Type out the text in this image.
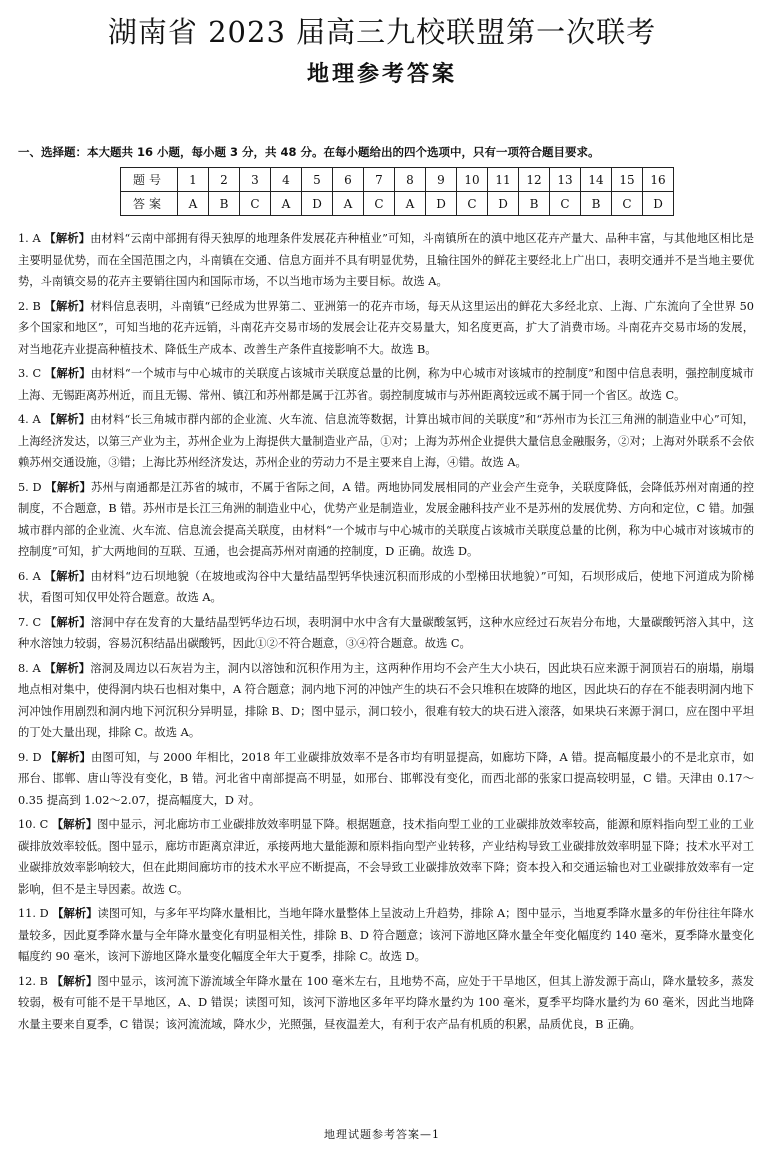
湖南省 2023 届高三九校联盟第一次联考
地理参考答案
一、选择题：本大题共 16 小题，每小题 3 分，共 48 分。在每小题给出的四个选项中，只有一项符合题目要求。
题号	1	2	3	4	5	6	7	8	9	10	11	12	13	14	15	16
答案	A	B	C	A	D	A	C	A	D	C	D	B	C	B	C	D

1. A 【解析】由材料“云南中部拥有得天独厚的地理条件发展花卉种植业”可知，斗南镇所在的滇中地区花卉产量大、品种丰富，与其他地区相比是主要明显优势，而在全国范围之内，斗南镇在交通、信息方面并不具有明显优势，且输往国外的鲜花主要经北上广出口，表明交通并不是当地主要优势，斗南镇交易的花卉主要销往国内和国际市场，不以当地市场为主要目标。故选 A。

2. B 【解析】材料信息表明，斗南镇“已经成为世界第二、亚洲第一的花卉市场，每天从这里运出的鲜花大多经北京、上海、广东流向了全世界 50 多个国家和地区”，可知当地的花卉远销，斗南花卉交易市场的发展会让花卉交易量大，知名度更高，扩大了消费市场。斗南花卉交易市场的发展，对当地花卉业提高种植技术、降低生产成本、改善生产条件直接影响不大。故选 B。

3. C 【解析】由材料“一个城市与中心城市的关联度占该城市关联度总量的比例，称为中心城市对该城市的控制度”和图中信息表明，强控制度城市上海、无锡距离苏州近，而且无锡、常州、镇江和苏州都是属于江苏省。弱控制度城市与苏州距离较远或不属于同一个省区。故选 C。

4. A 【解析】由材料“长三角城市群内部的企业流、火车流、信息流等数据，计算出城市间的关联度”和“苏州市为长江三角洲的制造业中心”可知，上海经济发达，以第三产业为主，苏州企业为上海提供大量制造业产品，①对；上海为苏州企业提供大量信息金融服务，②对；上海对外联系不会依赖苏州交通设施，③错；上海比苏州经济发达，苏州企业的劳动力不是主要来自上海，④错。故选 A。

5. D 【解析】苏州与南通都是江苏省的城市，不属于省际之间，A 错。两地协同发展相同的产业会产生竞争，关联度降低，会降低苏州对南通的控制度，不合题意，B 错。苏州市是长江三角洲的制造业中心，优势产业是制造业，发展金融科技产业不是苏州的发展优势、方向和定位，C 错。加强城市群内部的企业流、火车流、信息流会提高关联度，由材料“一个城市与中心城市的关联度占该城市关联度总量的比例，称为中心城市对该城市的控制度”可知，扩大两地间的互联、互通，也会提高苏州对南通的控制度，D 正确。故选 D。

6. A 【解析】由材料“边石坝地貌（在坡地或沟谷中大量结晶型钙华快速沉积而形成的小型梯田状地貌）”可知，石坝形成后，使地下河道成为阶梯状，看图可知仅甲处符合题意。故选 A。

7. C 【解析】溶洞中存在发育的大量结晶型钙华边石坝，表明洞中水中含有大量碳酸氢钙，这种水应经过石灰岩分布地，大量碳酸钙溶入其中，这种水溶蚀力较弱，容易沉积结晶出碳酸钙，因此①②不符合题意，③④符合题意。故选 C。

8. A 【解析】溶洞及周边以石灰岩为主，洞内以溶蚀和沉积作用为主，这两种作用均不会产生大小块石，因此块石应来源于洞顶岩石的崩塌，崩塌地点相对集中，使得洞内块石也相对集中，A 符合题意；洞内地下河的冲蚀产生的块石不会只堆积在坡降的地区，因此块石的存在不能表明洞内地下河冲蚀作用剧烈和洞内地下河沉积分异明显，排除 B、D；图中显示，洞口较小，很难有较大的块石进入滚落，如果块石来源于洞口，应在图中平坦的丁处大量出现，排除 C。故选 A。

9. D 【解析】由图可知，与 2000 年相比，2018 年工业碳排放效率不是各市均有明显提高，如廊坊下降，A 错。提高幅度最小的不是北京市，如邢台、邯郸、唐山等没有变化，B 错。河北省中南部提高不明显，如邢台、邯郸没有变化，而西北部的张家口提高较明显，C 错。天津由 0.17～0.35 提高到 1.02～2.07，提高幅度大，D 对。

10. C 【解析】图中显示，河北廊坊市工业碳排放效率明显下降。根据题意，技术指向型工业的工业碳排放效率较高，能源和原料指向型工业的工业碳排放效率较低。图中显示，廊坊市距离京津近，承接两地大量能源和原料指向型产业转移，产业结构导致工业碳排放效率明显下降；技术水平对工业碳排放效率影响较大，但在此期间廊坊市的技术水平应不断提高，不会导致工业碳排放效率下降；资本投入和交通运输也对工业碳排放效率有一定影响，但不是主导因素。故选 C。

11. D 【解析】读图可知，与多年平均降水量相比，当地年降水量整体上呈波动上升趋势，排除 A；图中显示，当地夏季降水量多的年份往往年降水量较多，因此夏季降水量与全年降水量变化有明显相关性，排除 B、D 符合题意；该河下游地区降水量全年变化幅度约 140 毫米，夏季降水量变化幅度约 90 毫米，该河下游地区降水量变化幅度全年大于夏季，排除 C。故选 D。

12. B 【解析】图中显示，该河流下游流域全年降水量在 100 毫米左右，且地势不高，应处于干旱地区，但其上游发源于高山，降水量较多，蒸发较弱，极有可能不是干旱地区，A、D 错误；读图可知，该河下游地区多年平均降水量约为 100 毫米，夏季平均降水量约为 60 毫米，因此当地降水量主要来自夏季，C 错误；该河流流域，降水少，光照强，昼夜温差大，有利于农产品有机质的积累，品质优良，B 正确。

地理试题参考答案—1
